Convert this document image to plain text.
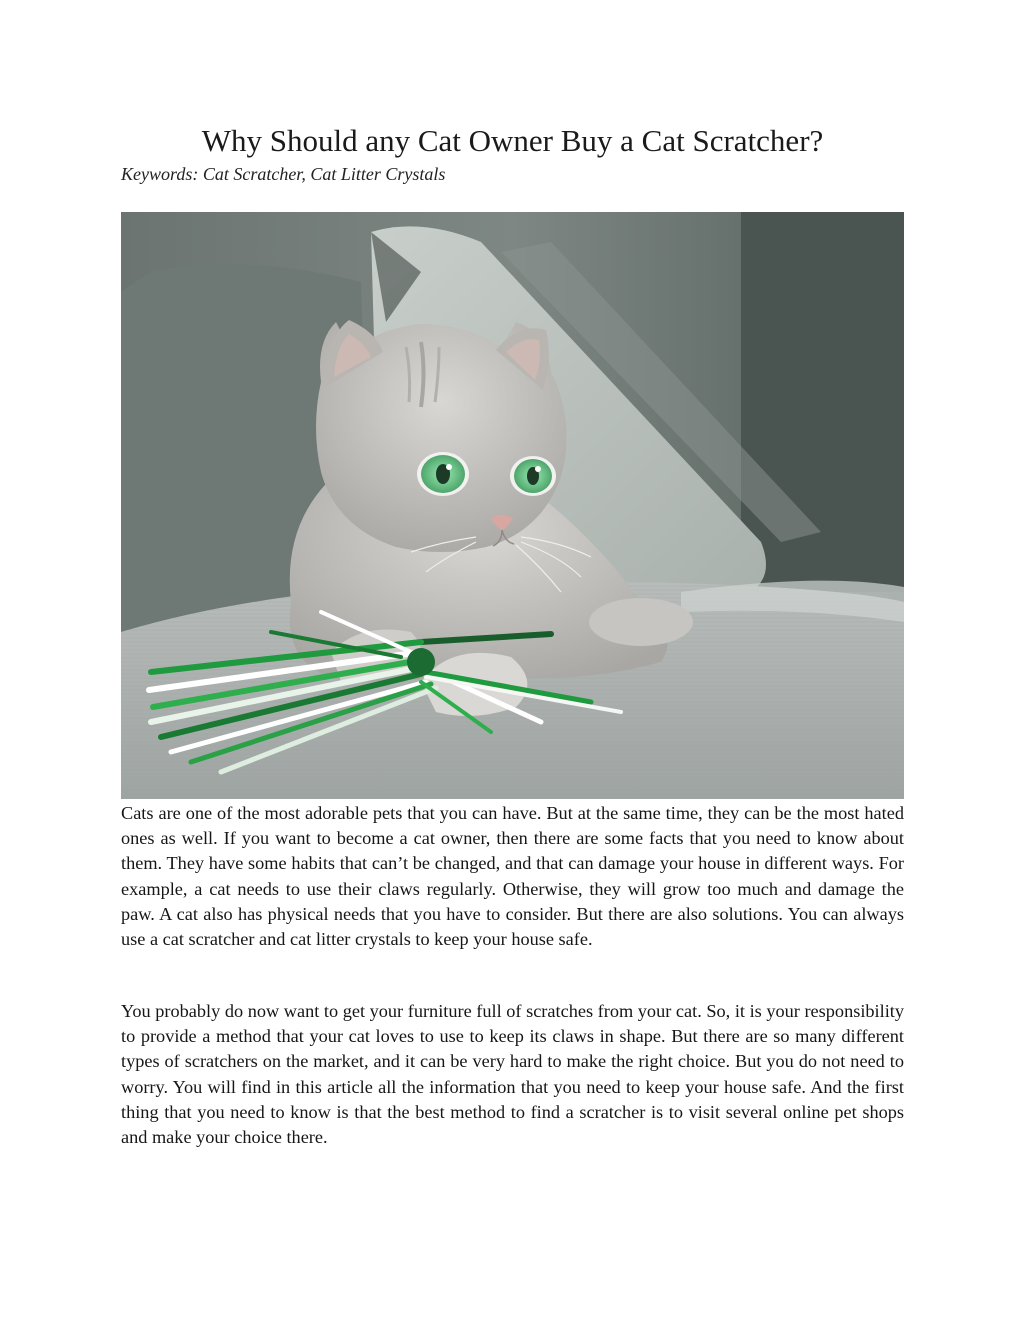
Why Should any Cat Owner Buy a Cat Scratcher?

Keywords: Cat Scratcher, Cat Litter Crystals

Cats are one of the most adorable pets that you can have. But at the same time, they can be the most hated ones as well. If you want to become a cat owner, then there are some facts that you need to know about them. They have some habits that can’t be changed, and that can damage your house in different ways. For example, a cat needs to use their claws regularly. Otherwise, they will grow too much and damage the paw. A cat also has physical needs that you have to consider. But there are also solutions. You can always use a cat scratcher and cat litter crystals to keep your house safe.

You probably do now want to get your furniture full of scratches from your cat. So, it is your responsibility to provide a method that your cat loves to use to keep its claws in shape. But there are so many different types of scratchers on the market, and it can be very hard to make the right choice. But you do not need to worry. You will find in this article all the information that you need to keep your house safe. And the first thing that you need to know is that the best method to find a scratcher is to visit several online pet shops and make your choice there.
